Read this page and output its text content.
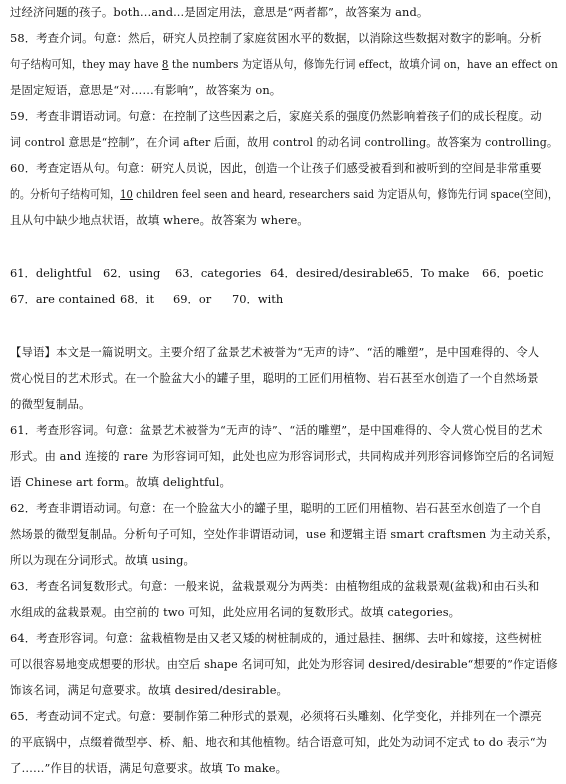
过经济问题的孩子。both…and...是固定用法，意思是“两者都”，故答案为 and。
58．考查介词。句意：然后，研究人员控制了家庭贫困水平的数据，以消除这些数据对数字的影响。分析
句子结构可知，they may have 8 the numbers 为定语从句，修饰先行词 effect，故填介词 on，have an effect on
是固定短语，意思是“对……有影响”，故答案为 on。
59．考查非谓语动词。句意：在控制了这些因素之后，家庭关系的强度仍然影响着孩子们的成长程度。动
词 control 意思是“控制”，在介词 after 后面，故用 control 的动名词 controlling。故答案为 controlling。
60．考查定语从句。句意：研究人员说，因此，创造一个让孩子们感受被看到和被听到的空间是非常重要
的。分析句子结构可知，10 children feel seen and heard, researchers said 为定语从句，修饰先行词 space(空间)，
且从句中缺少地点状语，故填 where。故答案为 where。
61．delightful 62．using 63．categories 64．desired/desirable
65．To make 66．poetic
67．are contained 68．it 69．or 70．with
【导语】本文是一篇说明文。主要介绍了盆景艺术被誉为“无声的诗”、“活的雕塑”，是中国难得的、令人
赏心悦目的艺术形式。在一个脸盆大小的罐子里，聪明的工匠们用植物、岩石甚至水创造了一个自然场景
的微型复制品。
61．考查形容词。句意：盆景艺术被誉为“无声的诗”、“活的雕塑”，是中国难得的、令人赏心悦目的艺术
形式。由 and 连接的 rare 为形容词可知，此处也应为形容词形式，共同构成并列形容词修饰空后的名词短
语 Chinese art form。故填 delightful。
62．考查非谓语动词。句意：在一个脸盆大小的罐子里，聪明的工匠们用植物、岩石甚至水创造了一个自
然场景的微型复制品。分析句子可知，空处作非谓语动词，use 和逻辑主语 smart craftsmen 为主动关系，
所以为现在分词形式。故填 using。
63．考查名词复数形式。句意：一般来说，盆栽景观分为两类：由植物组成的盆栽景观(盆栽)和由石头和
水组成的盆栽景观。由空前的 two 可知，此处应用名词的复数形式。故填 categories。
64．考查形容词。句意：盆栽植物是由又老又矮的树桩制成的，通过悬挂、捆绑、去叶和嫁接，这些树桩
可以很容易地变成想要的形状。由空后 shape 名词可知，此处为形容词 desired/desirable“想要的”作定语修
饰该名词，满足句意要求。故填 desired/desirable。
65．考查动词不定式。句意：要制作第二种形式的景观，必须将石头雕刻、化学变化，并排列在一个漂亮
的平底锅中，点缀着微型亭、桥、船、地衣和其他植物。结合语意可知，此处为动词不定式 to do 表示“为
了……”作目的状语，满足句意要求。故填 To make。
